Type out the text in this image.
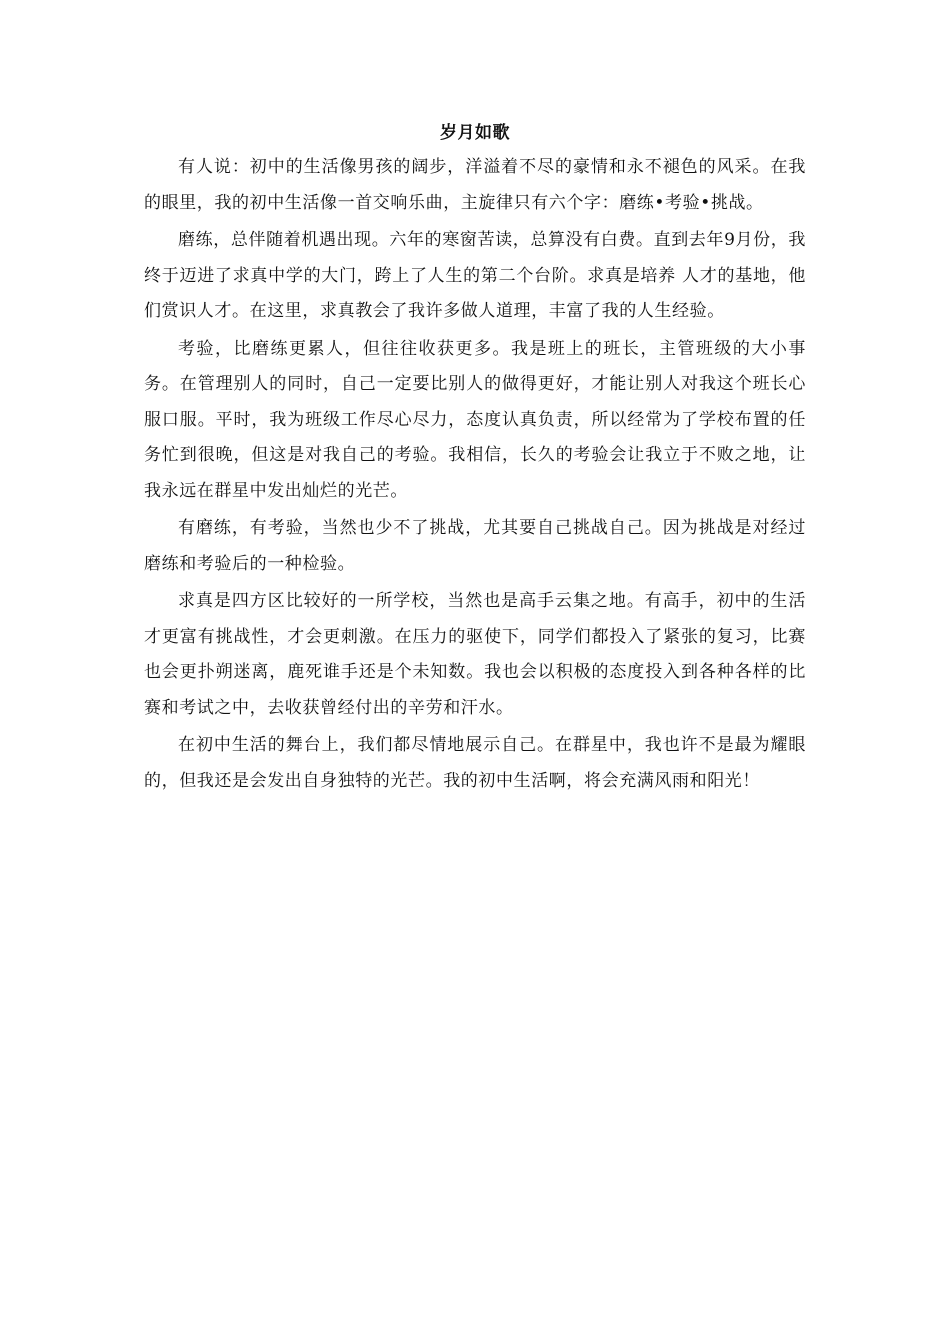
岁月如歌

有人说：初中的生活像男孩的阔步，洋溢着不尽的豪情和永不褪色的风采。在我的眼里，我的初中生活像一首交响乐曲，主旋律只有六个字：磨练•考验•挑战。

磨练，总伴随着机遇出现。六年的寒窗苦读，总算没有白费。直到去年9月份，我终于迈进了求真中学的大门，跨上了人生的第二个台阶。求真是培养 人才的基地，他们赏识人才。在这里，求真教会了我许多做人道理，丰富了我的人生经验。

考验，比磨练更累人，但往往收获更多。我是班上的班长，主管班级的大小事务。在管理别人的同时，自己一定要比别人的做得更好，才能让别人对我这个班长心服口服。平时，我为班级工作尽心尽力，态度认真负责，所以经常为了学校布置的任务忙到很晚，但这是对我自己的考验。我相信，长久的考验会让我立于不败之地，让我永远在群星中发出灿烂的光芒。

有磨练，有考验，当然也少不了挑战，尤其要自己挑战自己。因为挑战是对经过磨练和考验后的一种检验。

求真是四方区比较好的一所学校，当然也是高手云集之地。有高手，初中的生活才更富有挑战性，才会更刺激。在压力的驱使下，同学们都投入了紧张的复习，比赛也会更扑朔迷离，鹿死谁手还是个未知数。我也会以积极的态度投入到各种各样的比赛和考试之中，去收获曾经付出的辛劳和汗水。

在初中生活的舞台上，我们都尽情地展示自己。在群星中，我也许不是最为耀眼的，但我还是会发出自身独特的光芒。我的初中生活啊，将会充满风雨和阳光！
